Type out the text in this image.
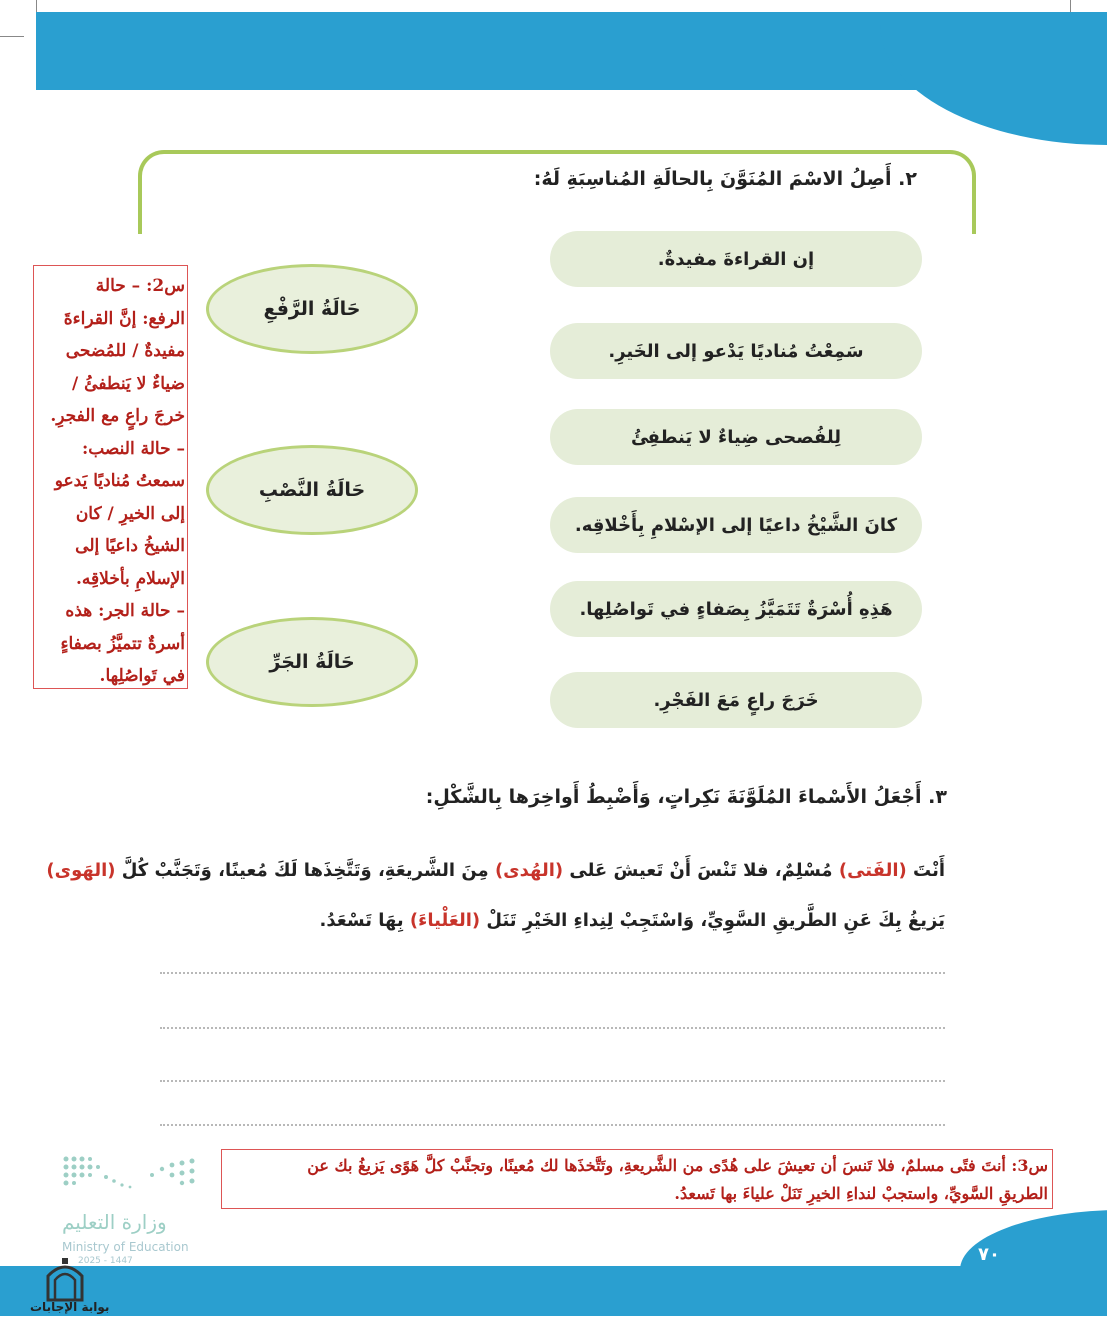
٢. أَصِلُ الاسْمَ المُنَوَّنَ بِالحالَةِ المُناسِبَةِ لَهُ:
إن القراءةَ مفيدةٌ.
سَمِعْتُ مُناديًا يَدْعو إلى الخَيرِ.
لِلفُصحى ضِياءٌ لا يَنطفِئُ
كانَ الشَّيْخُ داعيًا إلى الإسْلامِ بِأَخْلاقِه.
هَذِهِ أُسْرَةٌ تَتَمَيَّزُ بِصَفاءٍ في تَواصُلِها.
خَرَجَ راعٍ مَعَ الفَجْرِ.
حَالَةُ الرَّفْعِ
حَالَةُ النَّصْبِ
حَالَةُ الجَرِّ
س2: – حالة
الرفع: إنَّ القراءةَ
مفيدةٌ / للمُضحى
ضياءٌ لا يَنطفئُ /
خرجَ راعٍ مع الفجرِ.
– حالة النصب:
سمعتُ مُناديًا يَدعو
إلى الخيرِ / كان
الشيخُ داعيًا إلى
الإسلامِ بأخلاقِه.
– حالة الجر: هذه
أسرةٌ تتميَّزُ بصفاءٍ
في تَواصُلِها.
٣. أَجْعَلُ الأَسْماءَ المُلَوَّنَةَ نَكِراتٍ، وَأَضْبِطُ أَواخِرَها بِالشَّكْلِ:
أَنْتَ (الفَتى) مُسْلِمٌ، فلا تَنْسَ أَنْ تَعيشَ عَلى (الهُدى) مِنَ الشَّريعَةِ، وَتَتَّخِذَها لَكَ مُعينًا، وَتَجَنَّبْ كُلَّ (الهَوى)
يَزيغُ بِكَ عَنِ الطَّريقِ السَّوِيِّ، وَاسْتَجِبْ لِنِداءِ الخَيْرِ تَنَلْ (العَلْياءَ) بِهَا تَسْعَدُ.
س3: أنتَ فتًى مسلمٌ، فلا تَنسَ أن تعيشَ على هُدًى من الشَّريعةِ، وتَتَّخذَها لك مُعينًا، وتجنَّبْ كلَّ هَوًى يَزيغُ بك عن
الطريقِ السَّويِّ، واستجبْ لنداءِ الخيرِ تَنَلْ علياءَ بها تَسعدُ.
وزارة التعليم
Ministry of Education
2025 - 1447	٧٠
بوابة الإجابات
